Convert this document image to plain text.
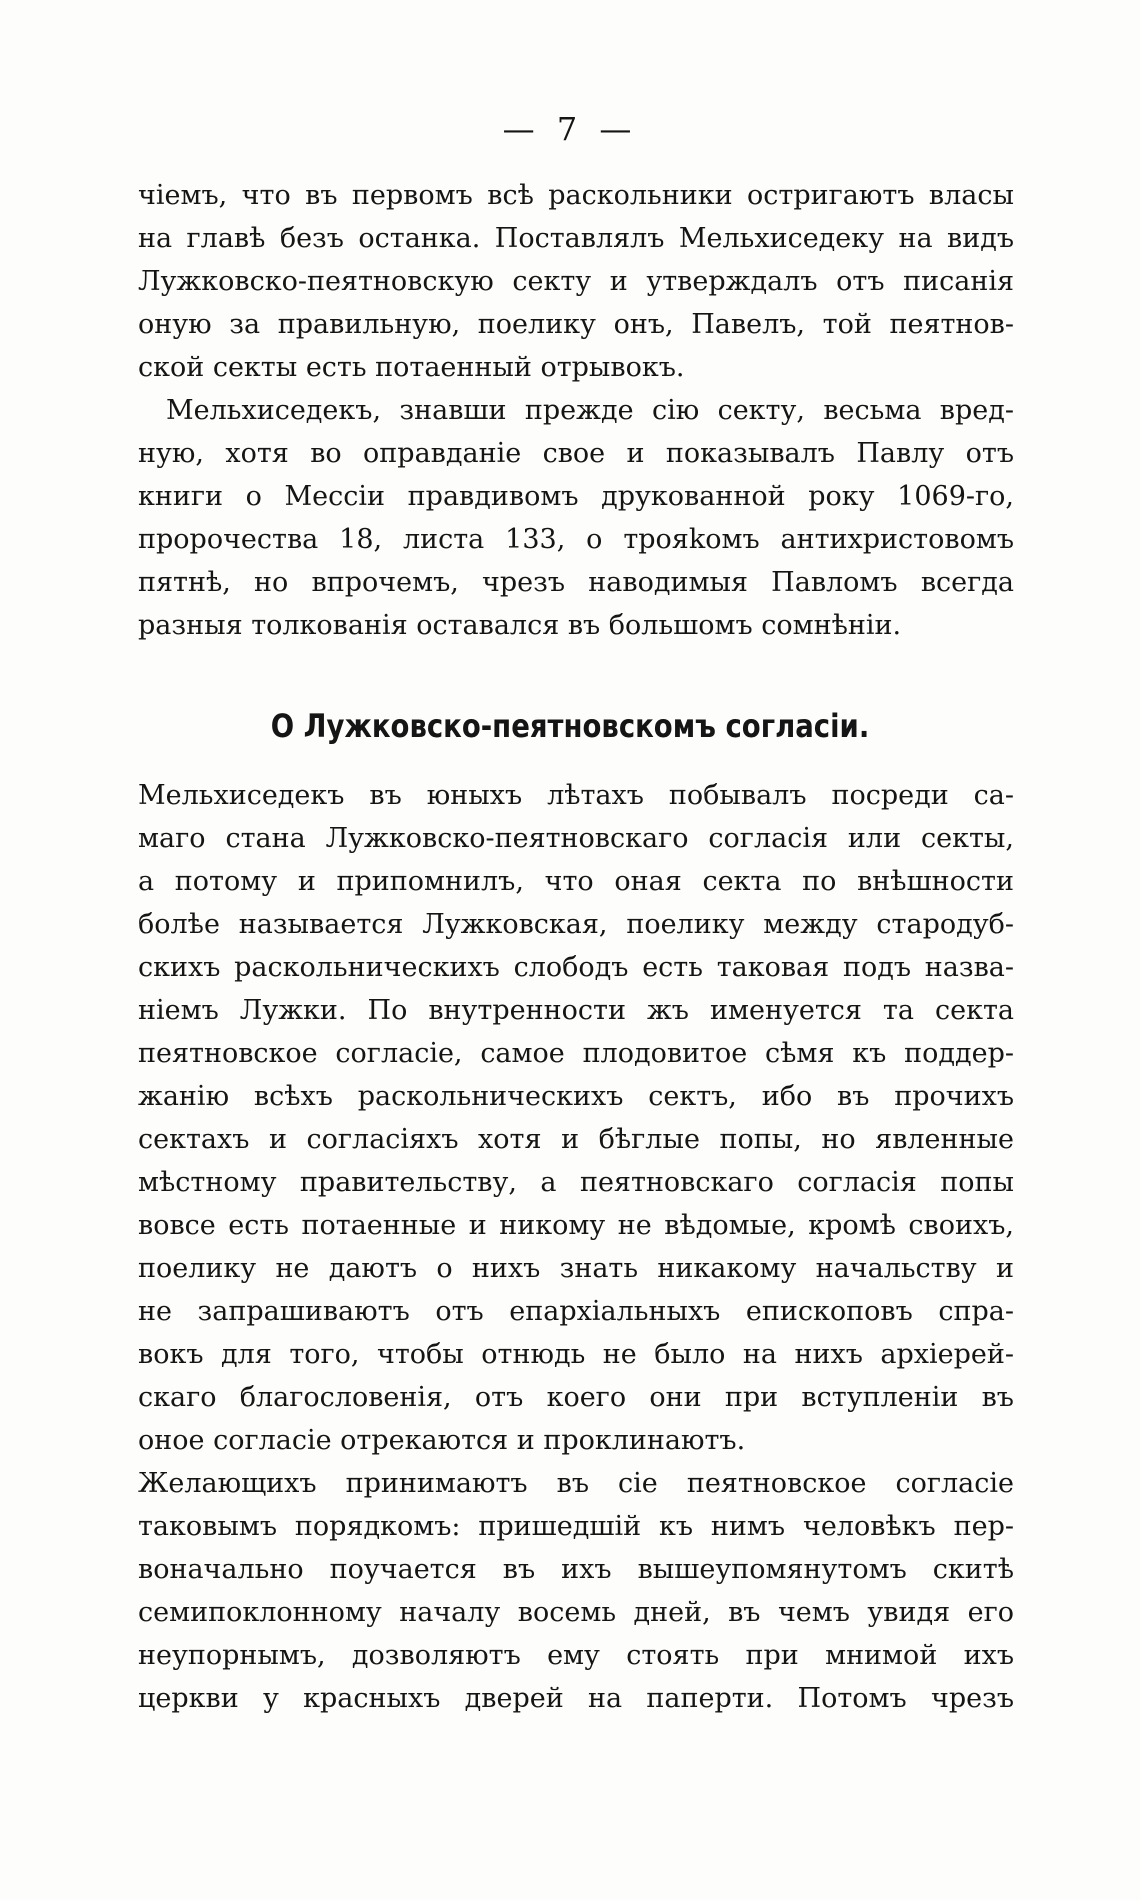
— 7 —
чіемъ, что въ первомъ всѣ раскольники остригаютъ власы
на главѣ безъ останка. Поставлялъ Мельхиседеку на видъ
Лужковско-пеятновскую секту и утверждалъ отъ писанія
оную за правильную, поелику онъ, Павелъ, той пеятнов-
ской секты есть потаенный отрывокъ.
Мельхиседекъ, знавши прежде сію секту, весьма вред-
ную, хотя во оправданіе свое и показывалъ Павлу отъ
книги о Мессіи правдивомъ друкованной року 1069-го,
пророчества 18, листа 133, о трояkомъ антихристовомъ
пятнѣ, но впрочемъ, чрезъ наводимыя Павломъ всегда
разныя толкованія оставался въ большомъ сомнѣніи.
О Лужковско-пеятновскомъ согласіи.
Мельхиседекъ въ юныхъ лѣтахъ побывалъ посреди са-
маго стана Лужковско-пеятновскаго согласія или секты,
а потому и припомнилъ, что оная секта по внѣшности
болѣе называется Лужковская, поелику между стародуб-
скихъ раскольническихъ слободъ есть таковая подъ назва-
ніемъ Лужки. По внутренности жъ именуется та секта
пеятновское согласіе, самое плодовитое сѣмя къ поддер-
жанію всѣхъ раскольническихъ сектъ, ибо въ прочихъ
сектахъ и согласіяхъ хотя и бѣглые попы, но явленные
мѣстному правительству, а пеятновскаго согласія попы
вовсе есть потаенные и никому не вѣдомые, кромѣ своихъ,
поелику не даютъ о нихъ знать никакому начальству и
не запрашиваютъ отъ епархіальныхъ епископовъ спра-
вокъ для того, чтобы отнюдь не было на нихъ архіерей-
скаго благословенія, отъ коего они при вступленіи въ
оное согласіе отрекаются и проклинаютъ.
Желающихъ принимаютъ въ сіе пеятновское согласіе
таковымъ порядкомъ: пришедшій къ нимъ человѣкъ пер-
воначально поучается въ ихъ вышеупомянутомъ скитѣ
семипоклонному началу восемь дней, въ чемъ увидя его
неупорнымъ, дозволяютъ ему стоять при мнимой ихъ
церкви у красныхъ дверей на паперти. Потомъ чрезъ
